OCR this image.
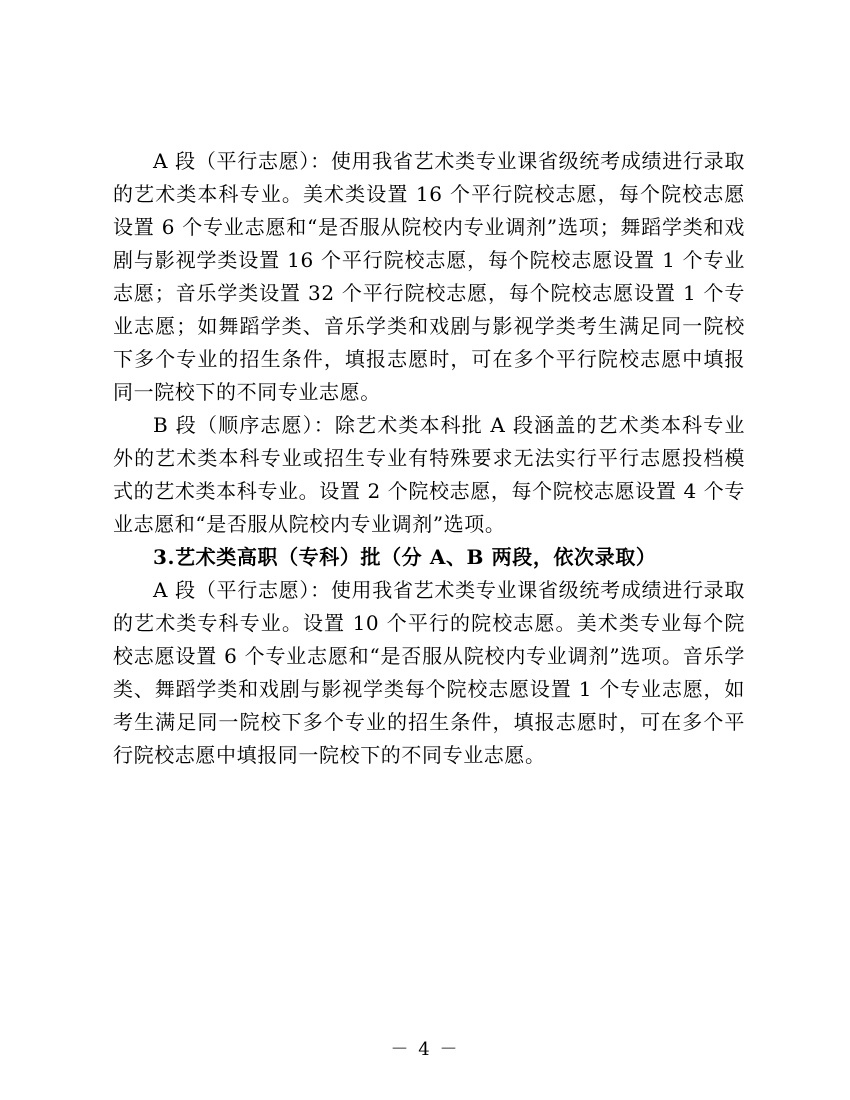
A 段（平行志愿）：使用我省艺术类专业课省级统考成绩进行录取的艺术类本科专业。美术类设置 16 个平行院校志愿，每个院校志愿设置 6 个专业志愿和“是否服从院校内专业调剂”选项；舞蹈学类和戏剧与影视学类设置 16 个平行院校志愿，每个院校志愿设置 1 个专业志愿；音乐学类设置 32 个平行院校志愿，每个院校志愿设置 1 个专业志愿；如舞蹈学类、音乐学类和戏剧与影视学类考生满足同一院校下多个专业的招生条件，填报志愿时，可在多个平行院校志愿中填报同一院校下的不同专业志愿。

B 段（顺序志愿）：除艺术类本科批 A 段涵盖的艺术类本科专业外的艺术类本科专业或招生专业有特殊要求无法实行平行志愿投档模式的艺术类本科专业。设置 2 个院校志愿，每个院校志愿设置 4 个专业志愿和“是否服从院校内专业调剂”选项。

3.艺术类高职（专科）批（分 A、B 两段，依次录取）

A 段（平行志愿）：使用我省艺术类专业课省级统考成绩进行录取的艺术类专科专业。设置 10 个平行的院校志愿。美术类专业每个院校志愿设置 6 个专业志愿和“是否服从院校内专业调剂”选项。音乐学类、舞蹈学类和戏剧与影视学类每个院校志愿设置 1 个专业志愿，如考生满足同一院校下多个专业的招生条件，填报志愿时，可在多个平行院校志愿中填报同一院校下的不同专业志愿。

－ 4 －
